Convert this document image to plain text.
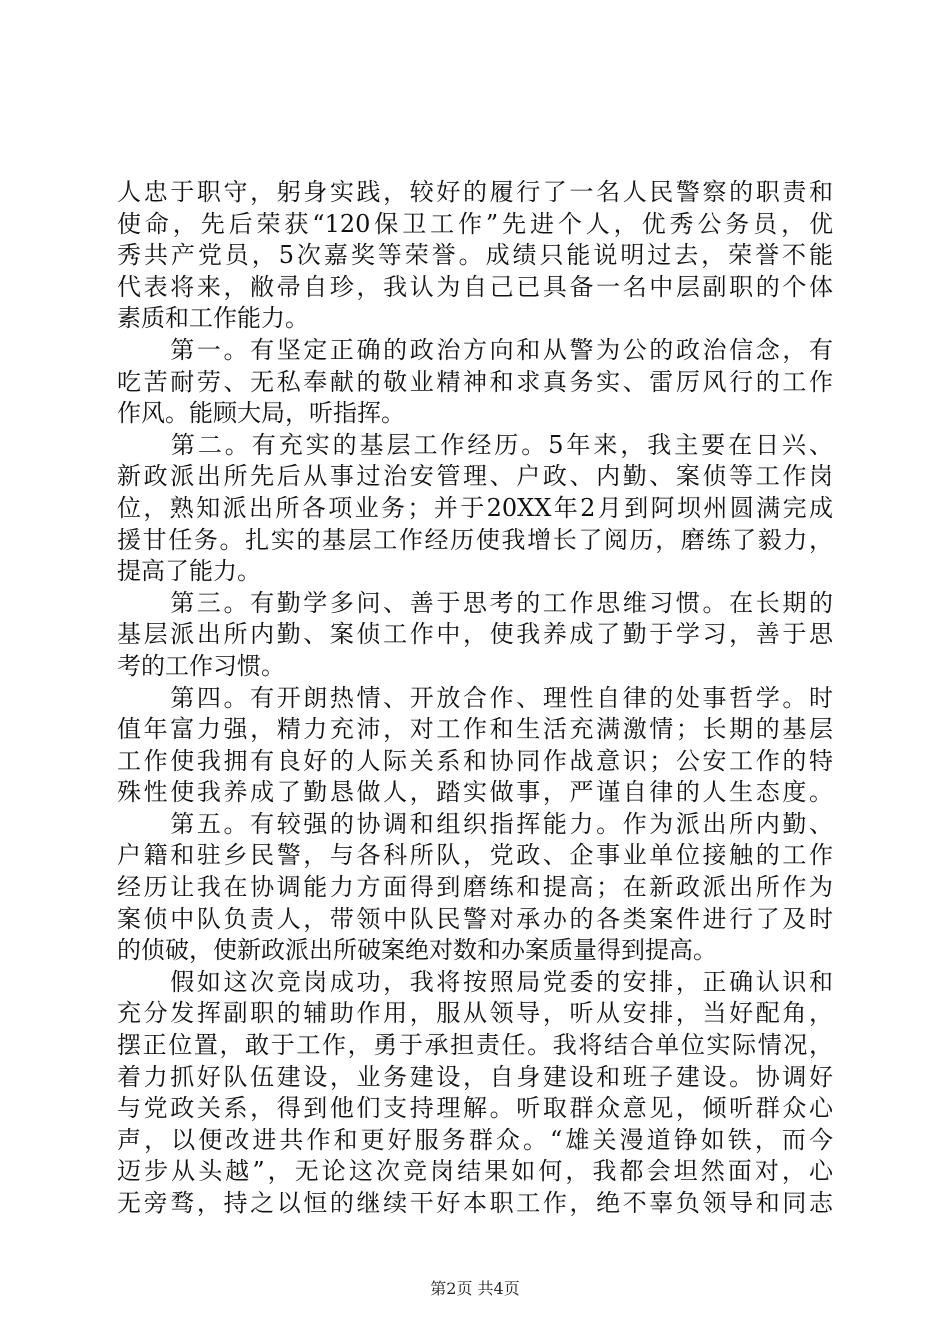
人忠于职守，躬身实践，较好的履行了一名人民警察的职责和
使命，先后荣获“120保卫工作”先进个人，优秀公务员，优
秀共产党员，5次嘉奖等荣誉。成绩只能说明过去，荣誉不能
代表将来，敝帚自珍，我认为自己已具备一名中层副职的个体
素质和工作能力。
　　第一。有坚定正确的政治方向和从警为公的政治信念，有
吃苦耐劳、无私奉献的敬业精神和求真务实、雷厉风行的工作
作风。能顾大局，听指挥。
　　第二。有充实的基层工作经历。5年来，我主要在日兴、
新政派出所先后从事过治安管理、户政、内勤、案侦等工作岗
位，熟知派出所各项业务；并于20XX年2月到阿坝州圆满完成
援甘任务。扎实的基层工作经历使我增长了阅历，磨练了毅力，
提高了能力。
　　第三。有勤学多问、善于思考的工作思维习惯。在长期的
基层派出所内勤、案侦工作中，使我养成了勤于学习，善于思
考的工作习惯。
　　第四。有开朗热情、开放合作、理性自律的处事哲学。时
值年富力强，精力充沛，对工作和生活充满激情；长期的基层
工作使我拥有良好的人际关系和协同作战意识；公安工作的特
殊性使我养成了勤恳做人，踏实做事，严谨自律的人生态度。
　　第五。有较强的协调和组织指挥能力。作为派出所内勤、
户籍和驻乡民警，与各科所队，党政、企事业单位接触的工作
经历让我在协调能力方面得到磨练和提高；在新政派出所作为
案侦中队负责人，带领中队民警对承办的各类案件进行了及时
的侦破，使新政派出所破案绝对数和办案质量得到提高。
　　假如这次竞岗成功，我将按照局党委的安排，正确认识和
充分发挥副职的辅助作用，服从领导，听从安排，当好配角，
摆正位置，敢于工作，勇于承担责任。我将结合单位实际情况，
着力抓好队伍建设，业务建设，自身建设和班子建设。协调好
与党政关系，得到他们支持理解。听取群众意见，倾听群众心
声，以便改进共作和更好服务群众。“雄关漫道铮如铁，而今
迈步从头越”，无论这次竞岗结果如何，我都会坦然面对，心
无旁骛，持之以恒的继续干好本职工作，绝不辜负领导和同志
第2页 共4页
